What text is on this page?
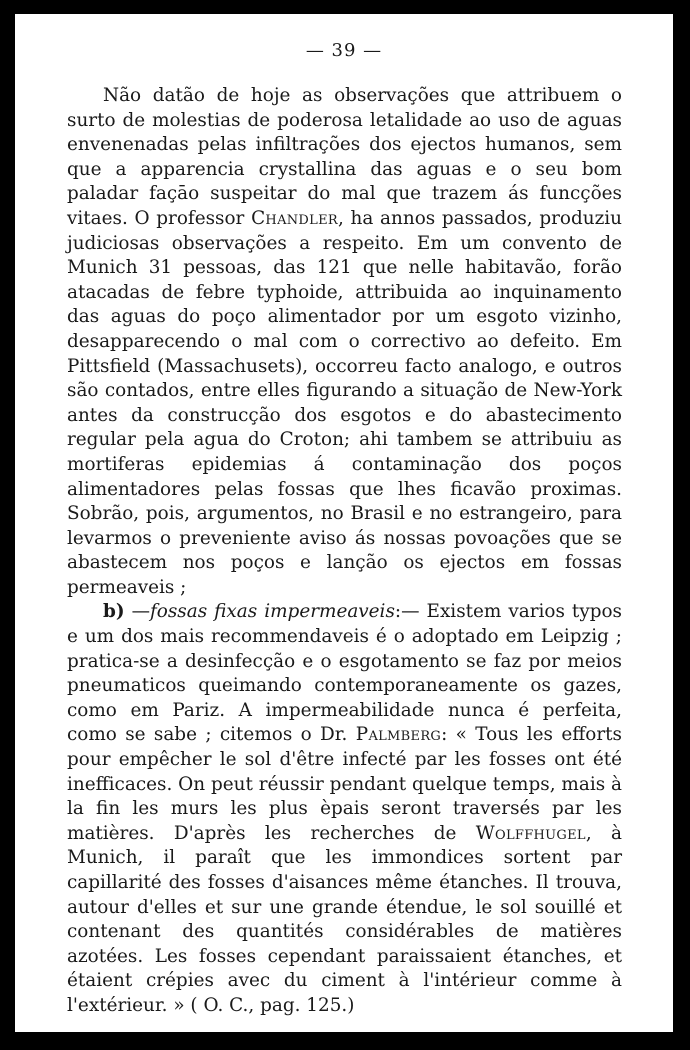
— 39 —

Não datão de hoje as observações que attribuem o surto de molestias de poderosa letalidade ao uso de aguas envenenadas pelas infiltrações dos ejectos humanos, sem que a apparencia crystallina das aguas e o seu bom paladar façāo suspeitar do mal que trazem ás funcções vitaes. O professor Chandler, ha annos passados, produziu judiciosas observações a respeito. Em um convento de Munich 31 pessoas, das 121 que nelle habitavão, forão atacadas de febre typhoide, attribuida ao inquinamento das aguas do poço alimentador por um esgoto vizinho, desapparecendo o mal com o correctivo ao defeito. Em Pittsfield (Massachusets), occorreu facto analogo, e outros são contados, entre elles figurando a situação de New-York antes da construcção dos esgotos e do abastecimento regular pela agua do Croton; ahi tambem se attribuiu as mortiferas epidemias á contaminação dos poços alimentadores pelas fossas que lhes ficavão proximas. Sobrão, pois, argumentos, no Brasil e no estrangeiro, para levarmos o preveniente aviso ás nossas povoações que se abastecem nos poços e lanção os ejectos em fossas permeaveis ;

b) —fossas fixas impermeaveis:— Existem varios typos e um dos mais recommendaveis é o adoptado em Leipzig ; pratica-se a desinfecção e o esgotamento se faz por meios pneumaticos queimando contemporaneamente os gazes, como em Pariz. A impermeabilidade nunca é perfeita, como se sabe ; citemos o Dr. Palmberg: « Tous les efforts pour empêcher le sol d'être infecté par les fosses ont été inefficaces. On peut réussir pendant quelque temps, mais à la fin les murs les plus èpais seront traversés par les matières. D'après les recherches de Wolffhugel, à Munich, il paraît que les immondices sortent par capillarité des fosses d'aisances même étanches. Il trouva, autour d'elles et sur une grande étendue, le sol souillé et contenant des quantités considérables de matières azotées. Les fosses cependant paraissaient étanches, et étaient crépies avec du ciment à l'intérieur comme à l'extérieur. » ( O. C., pag. 125.)
